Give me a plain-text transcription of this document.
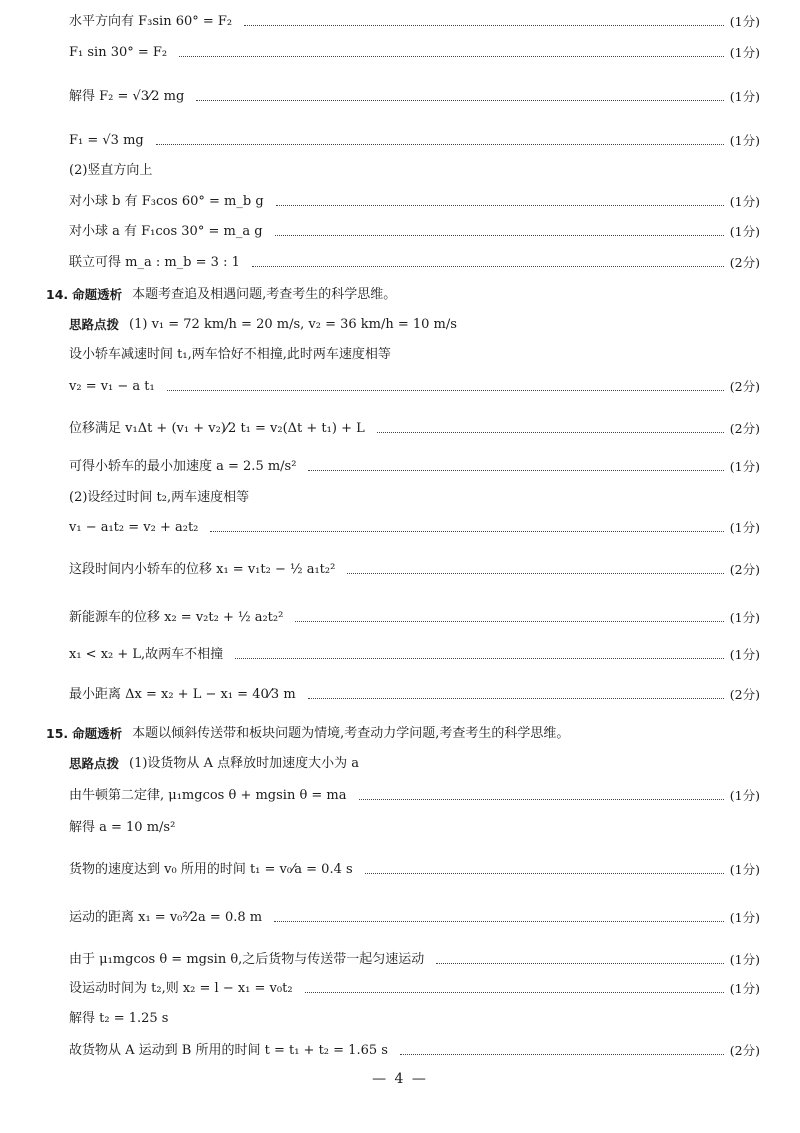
水平方向有 F₃sin 60° = F₂	(1分)
F₁ sin 30° = F₂	(1分)
解得 F₂ = √3⁄2 mg	(1分)
F₁ = √3 mg	(1分)
(2)竖直方向上
对小球 b 有 F₃cos 60° = m_b g	(1分)
对小球 a 有 F₁cos 30° = m_a g	(1分)
联立可得 m_a : m_b = 3 : 1	(2分)
14. 命题透析 本题考查追及相遇问题,考查考生的科学思维。
思路点拨 (1) v₁ = 72 km/h = 20 m/s, v₂ = 36 km/h = 10 m/s
设小轿车减速时间 t₁,两车恰好不相撞,此时两车速度相等
v₂ = v₁ − a t₁	(2分)
位移满足 v₁Δt + (v₁ + v₂)⁄2 t₁ = v₂(Δt + t₁) + L	(2分)
可得小轿车的最小加速度 a = 2.5 m/s²	(1分)
(2)设经过时间 t₂,两车速度相等
v₁ − a₁t₂ = v₂ + a₂t₂	(1分)
这段时间内小轿车的位移 x₁ = v₁t₂ − ½ a₁t₂²	(2分)
新能源车的位移 x₂ = v₂t₂ + ½ a₂t₂²	(1分)
x₁ < x₂ + L,故两车不相撞	(1分)
最小距离 Δx = x₂ + L − x₁ = 40⁄3 m	(2分)
15. 命题透析 本题以倾斜传送带和板块问题为情境,考查动力学问题,考查考生的科学思维。
思路点拨 (1)设货物从 A 点释放时加速度大小为 a
由牛顿第二定律, μ₁mgcos θ + mgsin θ = ma	(1分)
解得 a = 10 m/s²
货物的速度达到 v₀ 所用的时间 t₁ = v₀⁄a = 0.4 s	(1分)
运动的距离 x₁ = v₀²⁄2a = 0.8 m	(1分)
由于 μ₁mgcos θ = mgsin θ,之后货物与传送带一起匀速运动	(1分)
设运动时间为 t₂,则 x₂ = l − x₁ = v₀t₂	(1分)
解得 t₂ = 1.25 s
故货物从 A 运动到 B 所用的时间 t = t₁ + t₂ = 1.65 s	(2分)
— 4 —
